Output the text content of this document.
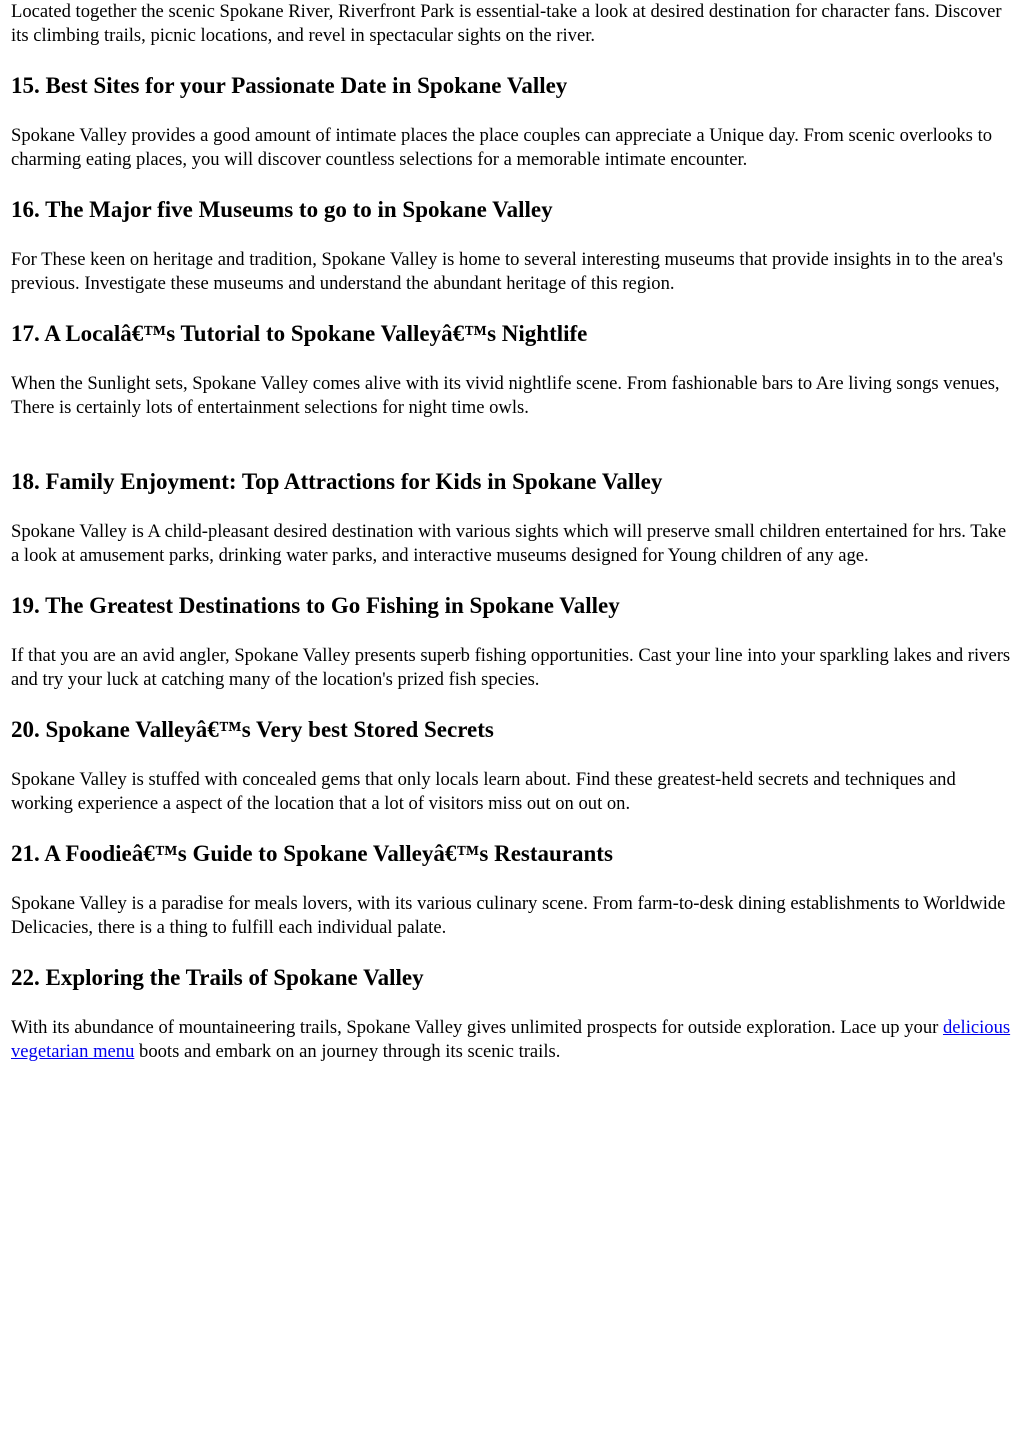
Located together the scenic Spokane River, Riverfront Park is essential-take a look at desired destination for character fans. Discover its climbing trails, picnic locations, and revel in spectacular sights on the river.

15. Best Sites for your Passionate Date in Spokane Valley

Spokane Valley provides a good amount of intimate places the place couples can appreciate a Unique day. From scenic overlooks to charming eating places, you will discover countless selections for a memorable intimate encounter.

16. The Major five Museums to go to in Spokane Valley

For These keen on heritage and tradition, Spokane Valley is home to several interesting museums that provide insights in to the area's previous. Investigate these museums and understand the abundant heritage of this region.

17. A Localâ€™s Tutorial to Spokane Valleyâ€™s Nightlife

When the Sunlight sets, Spokane Valley comes alive with its vivid nightlife scene. From fashionable bars to Are living songs venues, There is certainly lots of entertainment selections for night time owls.

18. Family Enjoyment: Top Attractions for Kids in Spokane Valley

Spokane Valley is A child-pleasant desired destination with various sights which will preserve small children entertained for hrs. Take a look at amusement parks, drinking water parks, and interactive museums designed for Young children of any age.

19. The Greatest Destinations to Go Fishing in Spokane Valley

If that you are an avid angler, Spokane Valley presents superb fishing opportunities. Cast your line into your sparkling lakes and rivers and try your luck at catching many of the location's prized fish species.

20. Spokane Valleyâ€™s Very best Stored Secrets

Spokane Valley is stuffed with concealed gems that only locals learn about. Find these greatest-held secrets and techniques and working experience a aspect of the location that a lot of visitors miss out on out on.

21. A Foodieâ€™s Guide to Spokane Valleyâ€™s Restaurants

Spokane Valley is a paradise for meals lovers, with its various culinary scene. From farm-to-desk dining establishments to Worldwide Delicacies, there is a thing to fulfill each individual palate.

22. Exploring the Trails of Spokane Valley

With its abundance of mountaineering trails, Spokane Valley gives unlimited prospects for outside exploration. Lace up your delicious vegetarian menu boots and embark on an journey through its scenic trails.
